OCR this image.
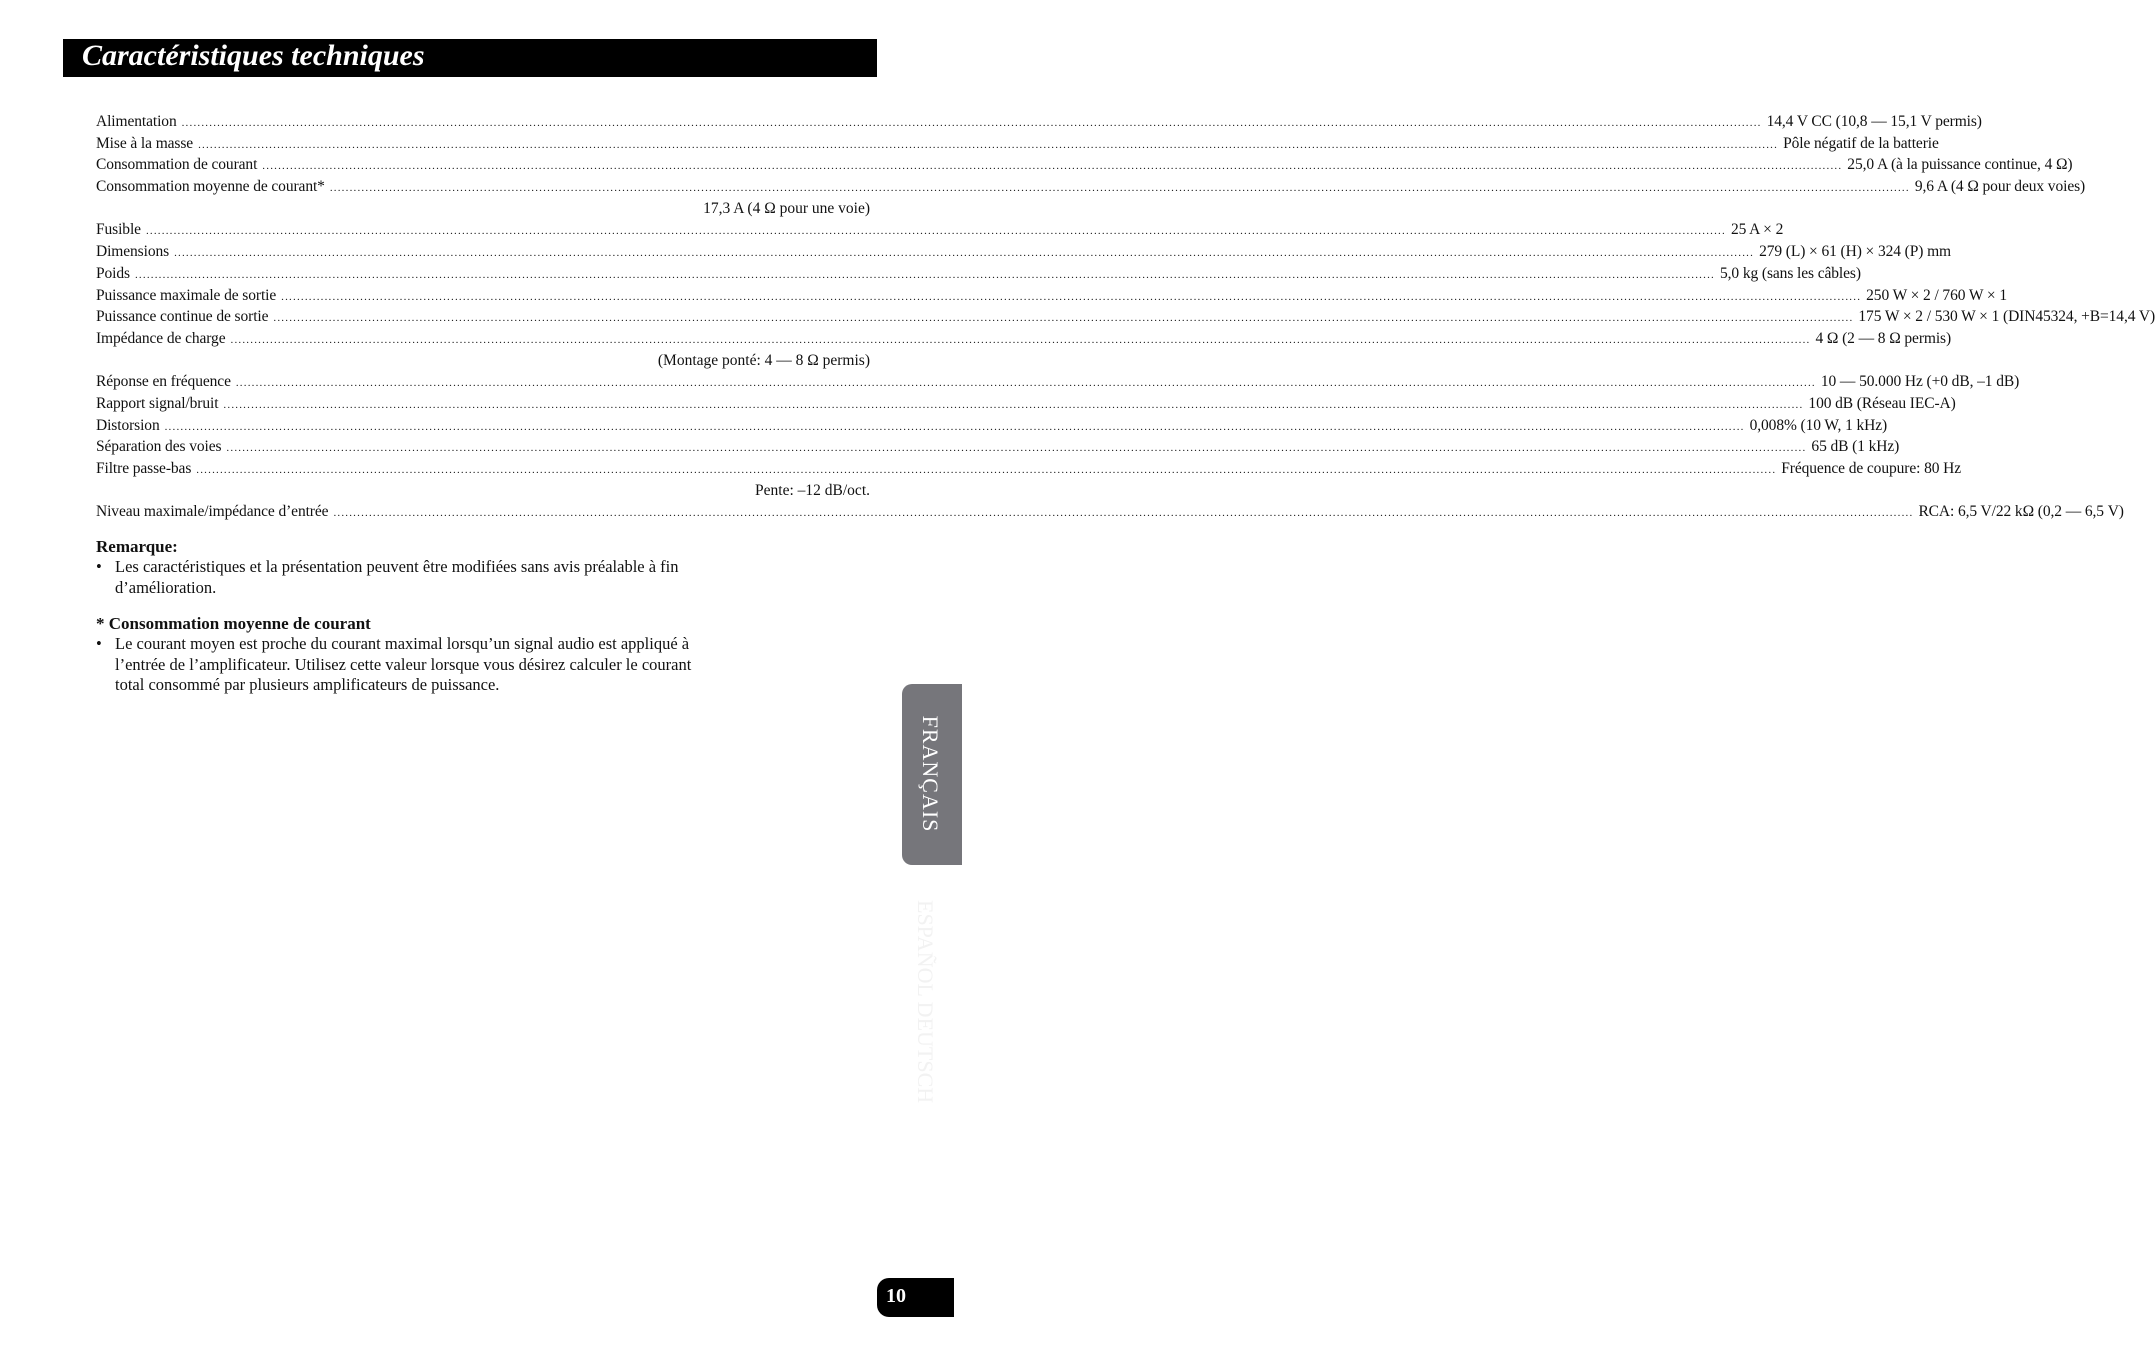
Caractéristiques techniques
Alimentation ................................................................................................................................................................................................................................................................................................................................................................................................................ 14,4 V CC (10,8 — 15,1 V permis)
Mise à la masse ................................................................................................................................................................................................................................................................................................................................................................................................................ Pôle négatif de la batterie
Consommation de courant ................................................................................................................................................................................................................................................................................................................................................................................................................ 25,0 A (à la puissance continue, 4 Ω)
Consommation moyenne de courant* ................................................................................................................................................................................................................................................................................................................................................................................................................ 9,6 A (4 Ω pour deux voies)
17,3 A (4 Ω pour une voie)
Fusible ................................................................................................................................................................................................................................................................................................................................................................................................................ 25 A × 2
Dimensions ................................................................................................................................................................................................................................................................................................................................................................................................................ 279 (L) × 61 (H) × 324 (P) mm
Poids ................................................................................................................................................................................................................................................................................................................................................................................................................ 5,0 kg (sans les câbles)
Puissance maximale de sortie ................................................................................................................................................................................................................................................................................................................................................................................................................ 250 W × 2 / 760 W × 1
Puissance continue de sortie ................................................................................................................................................................................................................................................................................................................................................................................................................ 175 W × 2 / 530 W × 1 (DIN45324, +B=14,4 V)
Impédance de charge ................................................................................................................................................................................................................................................................................................................................................................................................................ 4 Ω (2 — 8 Ω permis)
(Montage ponté: 4 — 8 Ω permis)
Réponse en fréquence ................................................................................................................................................................................................................................................................................................................................................................................................................ 10 — 50.000 Hz (+0 dB, –1 dB)
Rapport signal/bruit ................................................................................................................................................................................................................................................................................................................................................................................................................ 100 dB (Réseau IEC-A)
Distorsion ................................................................................................................................................................................................................................................................................................................................................................................................................ 0,008% (10 W, 1 kHz)
Séparation des voies ................................................................................................................................................................................................................................................................................................................................................................................................................ 65 dB (1 kHz)
Filtre passe-bas ................................................................................................................................................................................................................................................................................................................................................................................................................ Fréquence de coupure: 80 Hz
Pente: –12 dB/oct.
Niveau maximale/impédance d’entrée ................................................................................................................................................................................................................................................................................................................................................................................................................ RCA: 6,5 V/22 kΩ (0,2 — 6,5 V)
Remarque:
• Les caractéristiques et la présentation peuvent être modifiées sans avis préalable à fin d’amélioration.
* Consommation moyenne de courant
• Le courant moyen est proche du courant maximal lorsqu’un signal audio est appliqué à l’entrée de l’amplificateur. Utilisez cette valeur lorsque vous désirez calculer le courant total consommé par plusieurs amplificateurs de puissance.
FRANÇAIS
ESPAÑOL DEUTSCH
10
